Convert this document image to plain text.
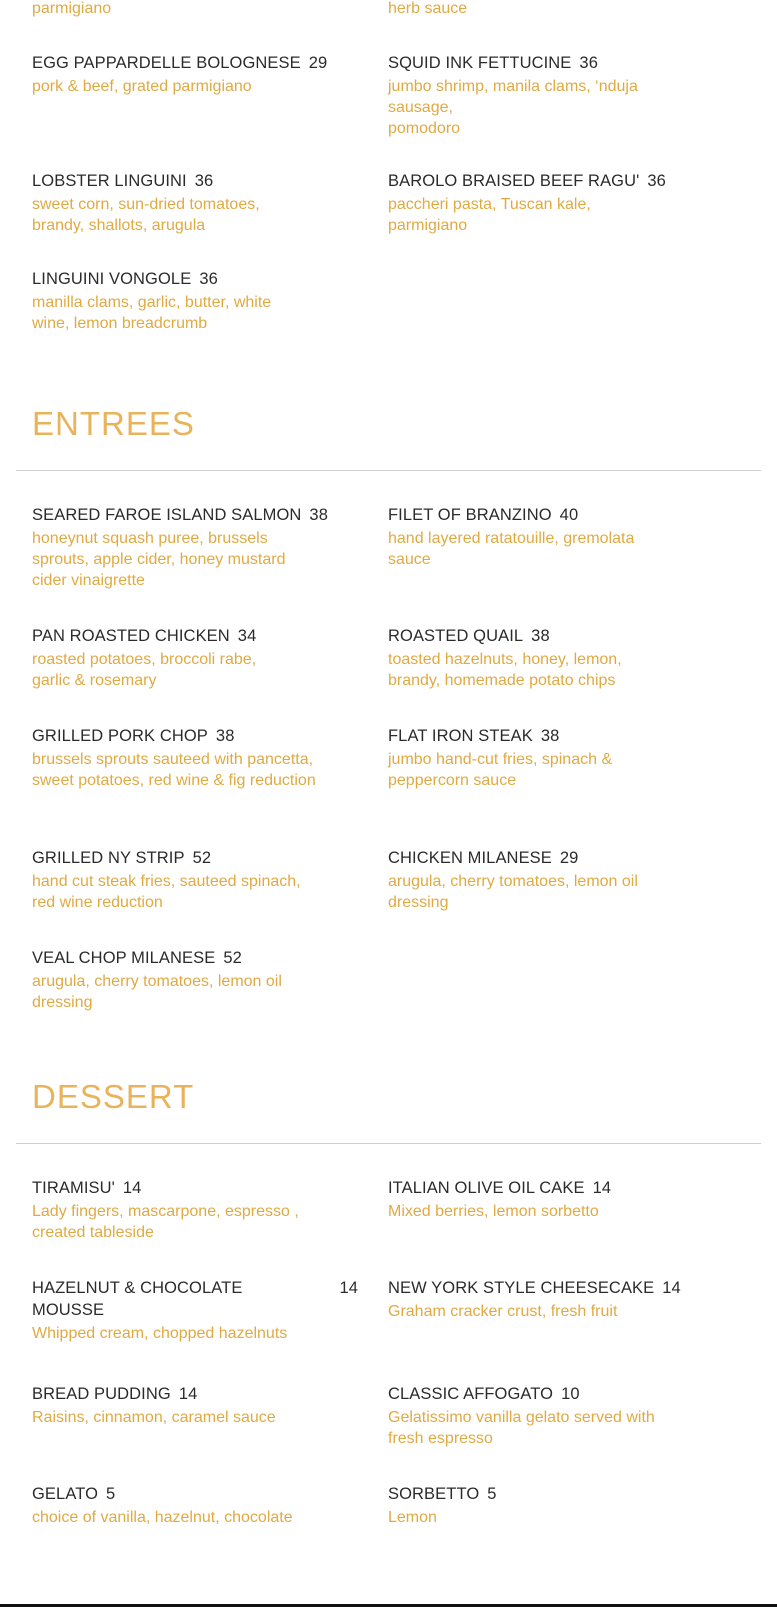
parmigiano	herb sauce
EGG PAPPARDELLE BOLOGNESE 29
pork & beef, grated parmigiano
SQUID INK FETTUCINE 36
jumbo shrimp, manila clams, ‘nduja sausage,
pomodoro
LOBSTER LINGUINI 36
sweet corn, sun-dried tomatoes, brandy, shallots, arugula
BAROLO BRAISED BEEF RAGU' 36
paccheri pasta, Tuscan kale, parmigiano
LINGUINI VONGOLE 36
manilla clams, garlic, butter, white wine, lemon breadcrumb
ENTREES
SEARED FAROE ISLAND SALMON 38
honeynut squash puree, brussels sprouts, apple cider, honey mustard cider vinaigrette
FILET OF BRANZINO 40
hand layered ratatouille, gremolata sauce
PAN ROASTED CHICKEN 34
roasted potatoes, broccoli rabe, garlic & rosemary
ROASTED QUAIL 38
toasted hazelnuts, honey, lemon, brandy, homemade potato chips
GRILLED PORK CHOP 38
brussels sprouts sauteed with pancetta, sweet potatoes, red wine & fig reduction
FLAT IRON STEAK 38
jumbo hand-cut fries, spinach & peppercorn sauce
GRILLED NY STRIP 52
hand cut steak fries, sauteed spinach, red wine reduction
CHICKEN MILANESE 29
arugula, cherry tomatoes, lemon oil dressing
VEAL CHOP MILANESE 52
arugula, cherry tomatoes, lemon oil dressing
DESSERT
TIRAMISU' 14
Lady fingers, mascarpone, espresso , created tableside
ITALIAN OLIVE OIL CAKE 14
Mixed berries, lemon sorbetto
HAZELNUT & CHOCOLATE MOUSSE
14
Whipped cream, chopped hazelnuts
NEW YORK STYLE CHEESECAKE 14
Graham cracker crust, fresh fruit
BREAD PUDDING 14
Raisins, cinnamon, caramel sauce
CLASSIC AFFOGATO 10
Gelatissimo vanilla gelato served with fresh espresso
GELATO 5
choice of vanilla, hazelnut, chocolate
SORBETTO 5
Lemon
